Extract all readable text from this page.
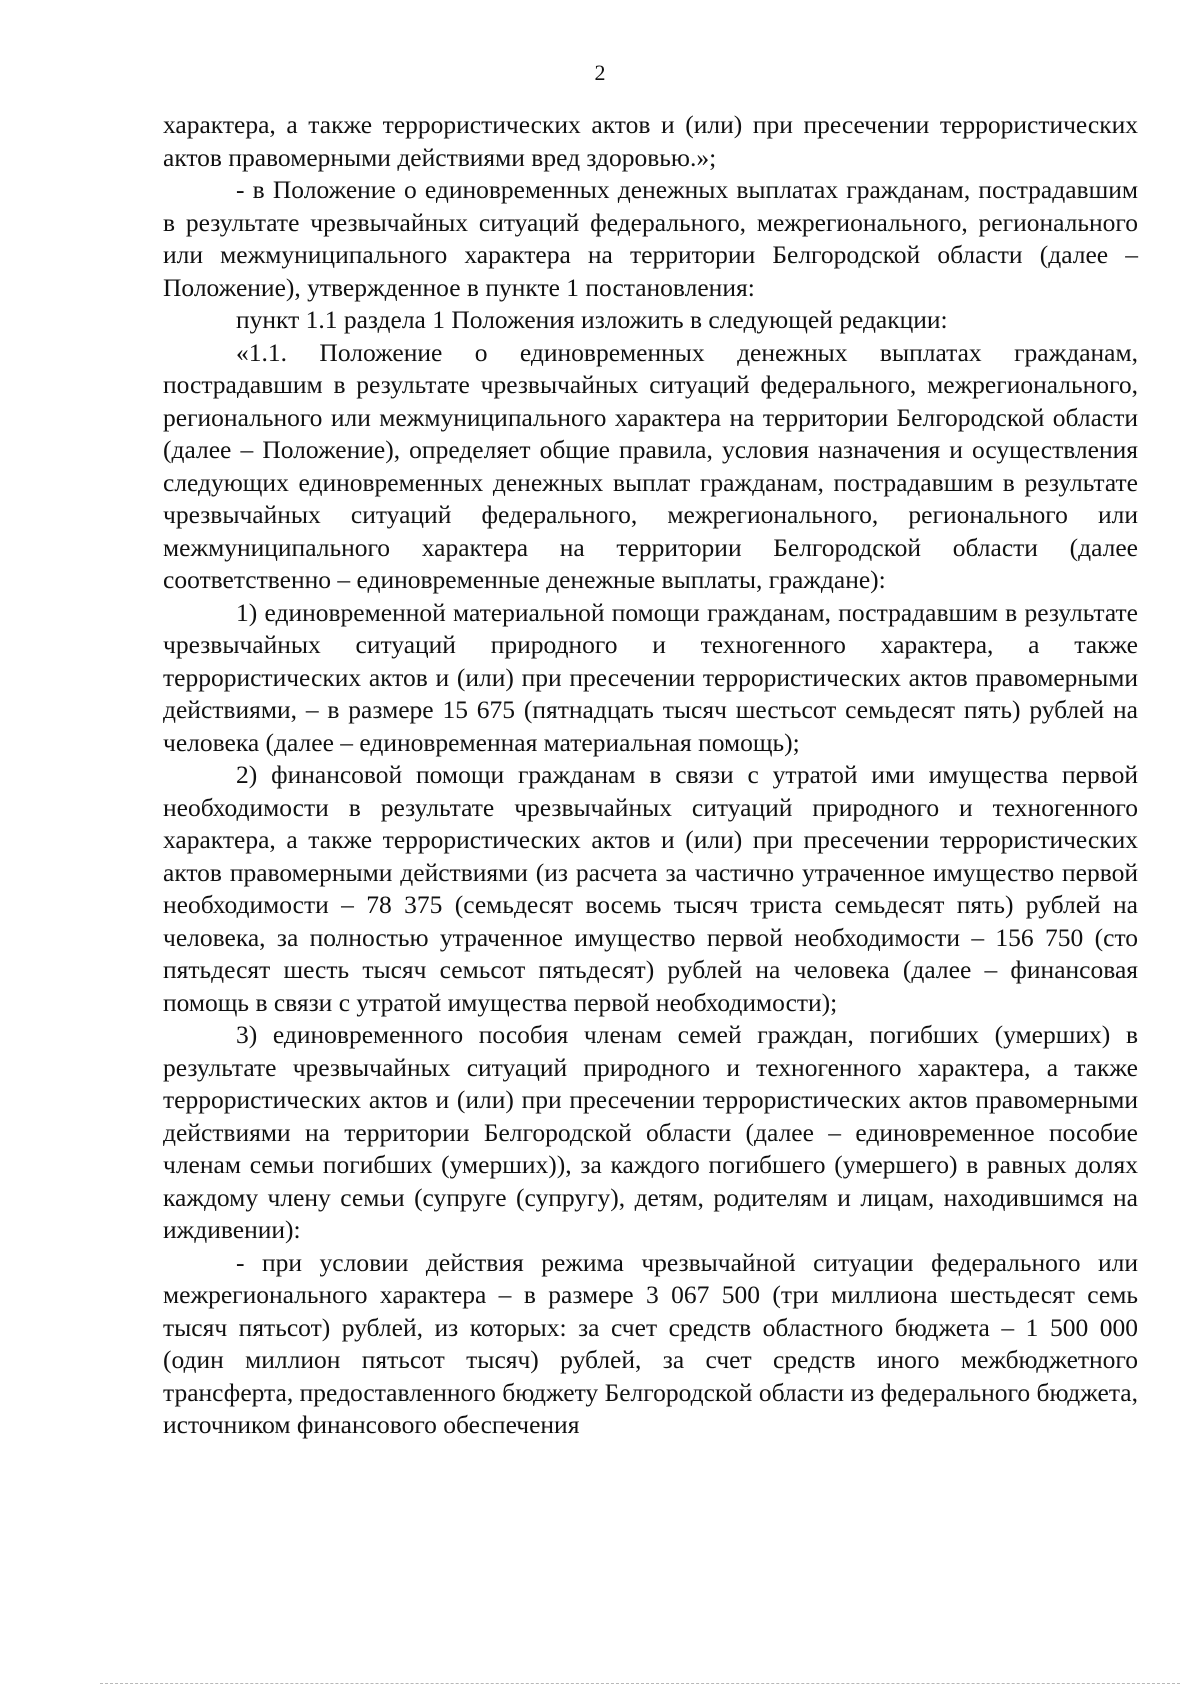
2

характера, а также террористических актов и (или) при пресечении террористических актов правомерными действиями вред здоровью.»;

- в Положение о единовременных денежных выплатах гражданам, пострадавшим в результате чрезвычайных ситуаций федерального, межрегионального, регионального или межмуниципального характера на территории Белгородской области (далее – Положение), утвержденное в пункте 1 постановления:

пункт 1.1 раздела 1 Положения изложить в следующей редакции:

«1.1. Положение о единовременных денежных выплатах гражданам, пострадавшим в результате чрезвычайных ситуаций федерального, межрегионального, регионального или межмуниципального характера на территории Белгородской области (далее – Положение), определяет общие правила, условия назначения и осуществления следующих единовременных денежных выплат гражданам, пострадавшим в результате чрезвычайных ситуаций федерального, межрегионального, регионального или межмуниципального характера на территории Белгородской области (далее соответственно – единовременные денежные выплаты, граждане):

1) единовременной материальной помощи гражданам, пострадавшим в результате чрезвычайных ситуаций природного и техногенного характера, а также террористических актов и (или) при пресечении террористических актов правомерными действиями, – в размере 15 675 (пятнадцать тысяч шестьсот семьдесят пять) рублей на человека (далее – единовременная материальная помощь);

2) финансовой помощи гражданам в связи с утратой ими имущества первой необходимости в результате чрезвычайных ситуаций природного и техногенного характера, а также террористических актов и (или) при пресечении террористических актов правомерными действиями (из расчета за частично утраченное имущество первой необходимости – 78 375 (семьдесят восемь тысяч триста семьдесят пять) рублей на человека, за полностью утраченное имущество первой необходимости – 156 750 (сто пятьдесят шесть тысяч семьсот пятьдесят) рублей на человека (далее – финансовая помощь в связи с утратой имущества первой необходимости);

3) единовременного пособия членам семей граждан, погибших (умерших) в результате чрезвычайных ситуаций природного и техногенного характера, а также террористических актов и (или) при пресечении террористических актов правомерными действиями на территории Белгородской области (далее – единовременное пособие членам семьи погибших (умерших)), за каждого погибшего (умершего) в равных долях каждому члену семьи (супруге (супругу), детям, родителям и лицам, находившимся на иждивении):

- при условии действия режима чрезвычайной ситуации федерального или межрегионального характера – в размере 3 067 500 (три миллиона шестьдесят семь тысяч пятьсот) рублей, из которых: за счет средств областного бюджета – 1 500 000 (один миллион пятьсот тысяч) рублей, за счет средств иного межбюджетного трансферта, предоставленного бюджету Белгородской области из федерального бюджета, источником финансового обеспечения
